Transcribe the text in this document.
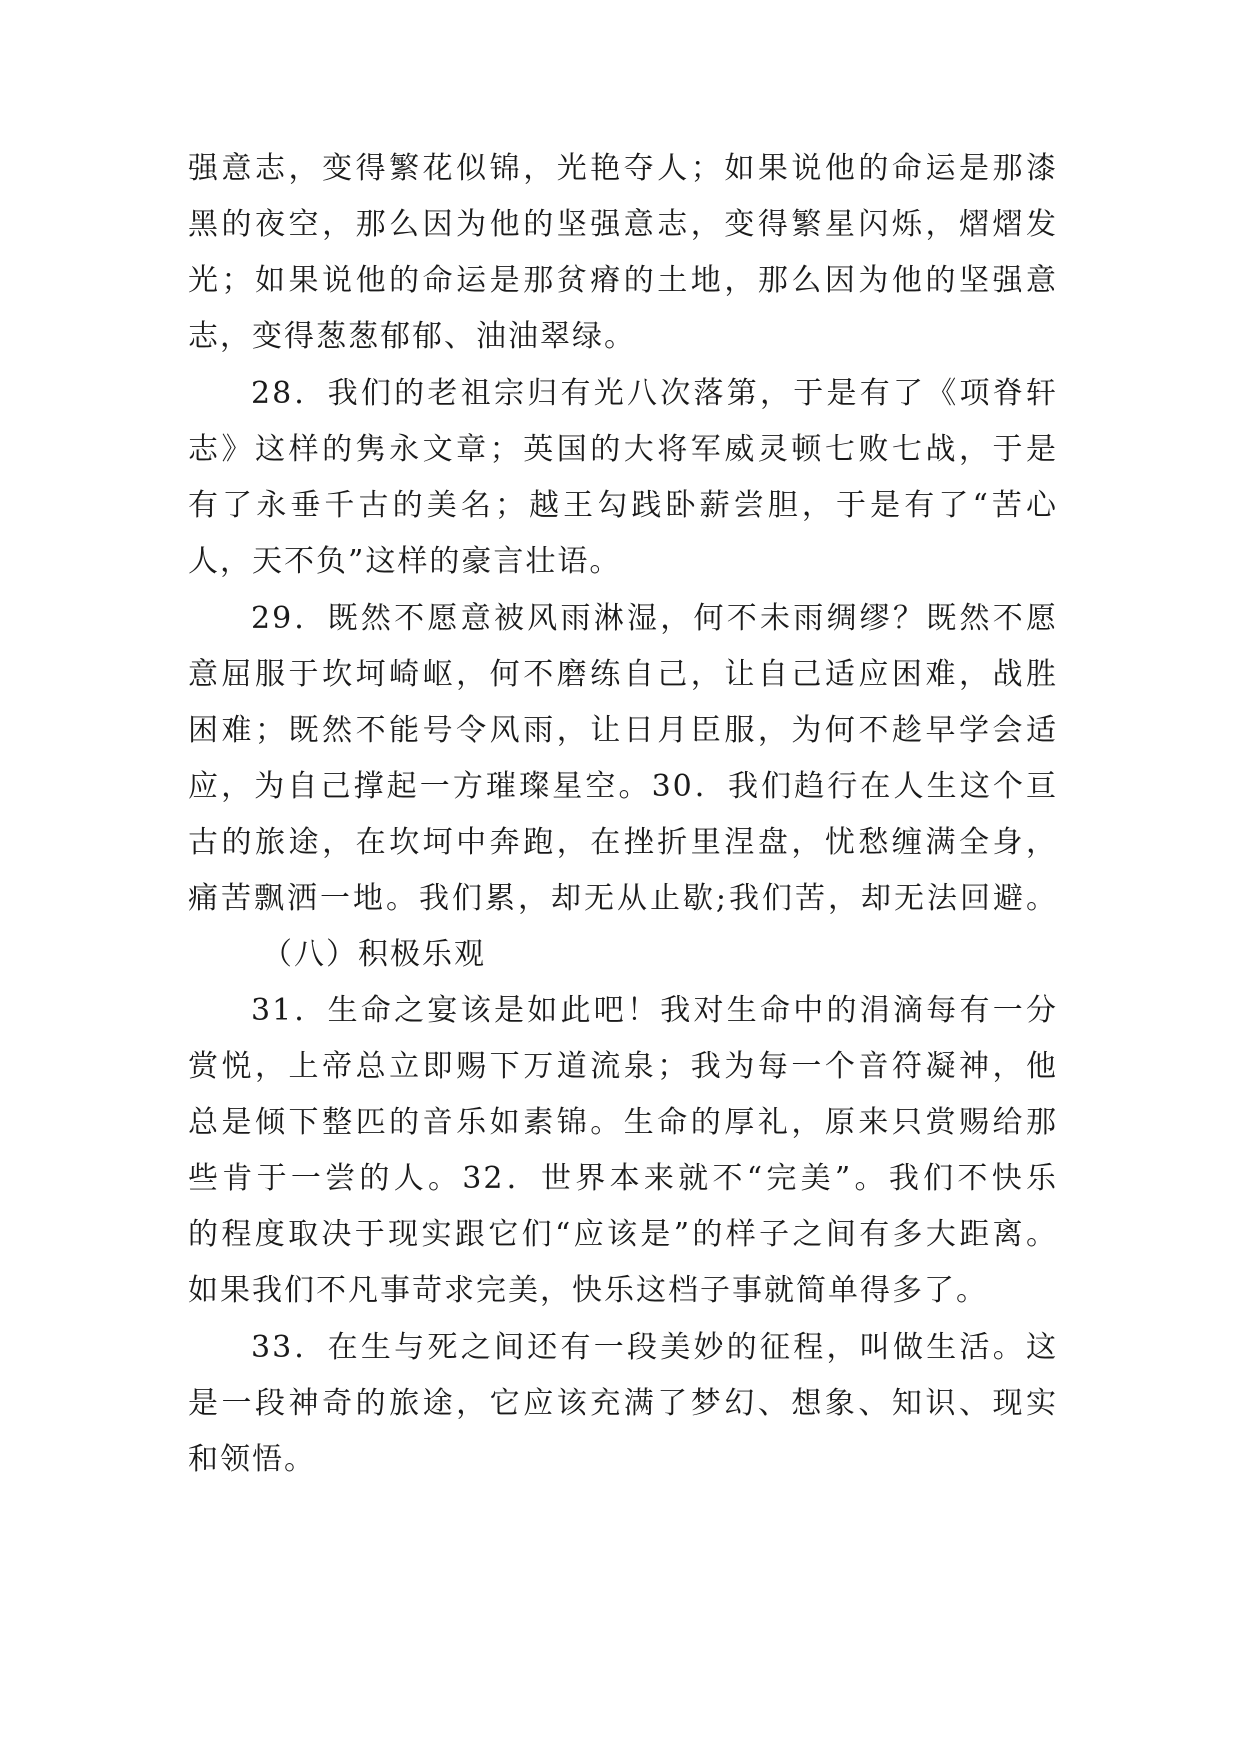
强意志，变得繁花似锦，光艳夺人；如果说他的命运是那漆
黑的夜空，那么因为他的坚强意志，变得繁星闪烁，熠熠发
光；如果说他的命运是那贫瘠的土地，那么因为他的坚强意
志，变得葱葱郁郁、油油翠绿。
28．我们的老祖宗归有光八次落第，于是有了《项脊轩
志》这样的隽永文章；英国的大将军威灵顿七败七战，于是
有了永垂千古的美名；越王勾践卧薪尝胆，于是有了“苦心
人，天不负”这样的豪言壮语。
29．既然不愿意被风雨淋湿，何不未雨绸缪？既然不愿
意屈服于坎坷崎岖，何不磨练自己，让自己适应困难，战胜
困难；既然不能号令风雨，让日月臣服，为何不趁早学会适
应，为自己撑起一方璀璨星空。30．我们趋行在人生这个亘
古的旅途，在坎坷中奔跑，在挫折里涅盘，忧愁缠满全身，
痛苦飘洒一地。我们累，却无从止歇;我们苦，却无法回避。
（八）积极乐观
31．生命之宴该是如此吧！我对生命中的涓滴每有一分
赏悦，上帝总立即赐下万道流泉；我为每一个音符凝神，他
总是倾下整匹的音乐如素锦。生命的厚礼，原来只赏赐给那
些肯于一尝的人。32．世界本来就不“完美”。我们不快乐
的程度取决于现实跟它们“应该是”的样子之间有多大距离。
如果我们不凡事苛求完美，快乐这档子事就简单得多了。
33．在生与死之间还有一段美妙的征程，叫做生活。这
是一段神奇的旅途，它应该充满了梦幻、想象、知识、现实
和领悟。
